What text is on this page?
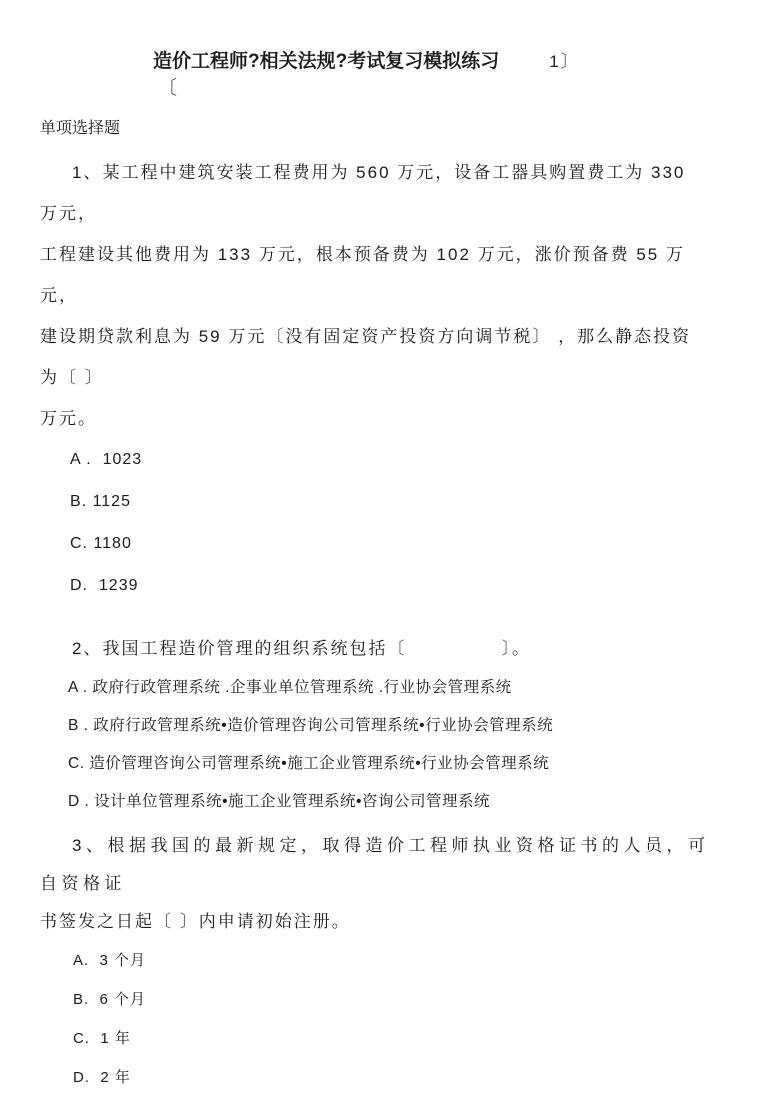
造价工程师?相关法规?考试复习模拟练习	1〕
〔
单项选择题
1、某工程中建筑安装工程费用为 560 万元，设备工器具购置费工为 330 万元，
工程建设其他费用为 133 万元，根本预备费为 102 万元，涨价预备费 55 万元，
建设期贷款利息为 59 万元〔没有固定资产投资方向调节税〕 ，那么静态投资为〔 〕
万元。
A .  1023
B. 1125
C. 1180
D.  1239
2、我国工程造价管理的组织系统包括〔　　　　　〕。
A . 政府行政管理系统 .企事业单位管理系统 .行业协会管理系统
B . 政府行政管理系统•造价管理咨询公司管理系统•行业协会管理系统
C. 造价管理咨询公司管理系统•施工企业管理系统•行业协会管理系统
D . 设计单位管理系统•施工企业管理系统•咨询公司管理系统
3、根据我国的最新规定，取得造价工程师执业资格证书的人员，可自资格证
书签发之日起〔 〕内申请初始注册。
A.  3 个月
B.  6 个月
C.  1 年
D.  2 年
